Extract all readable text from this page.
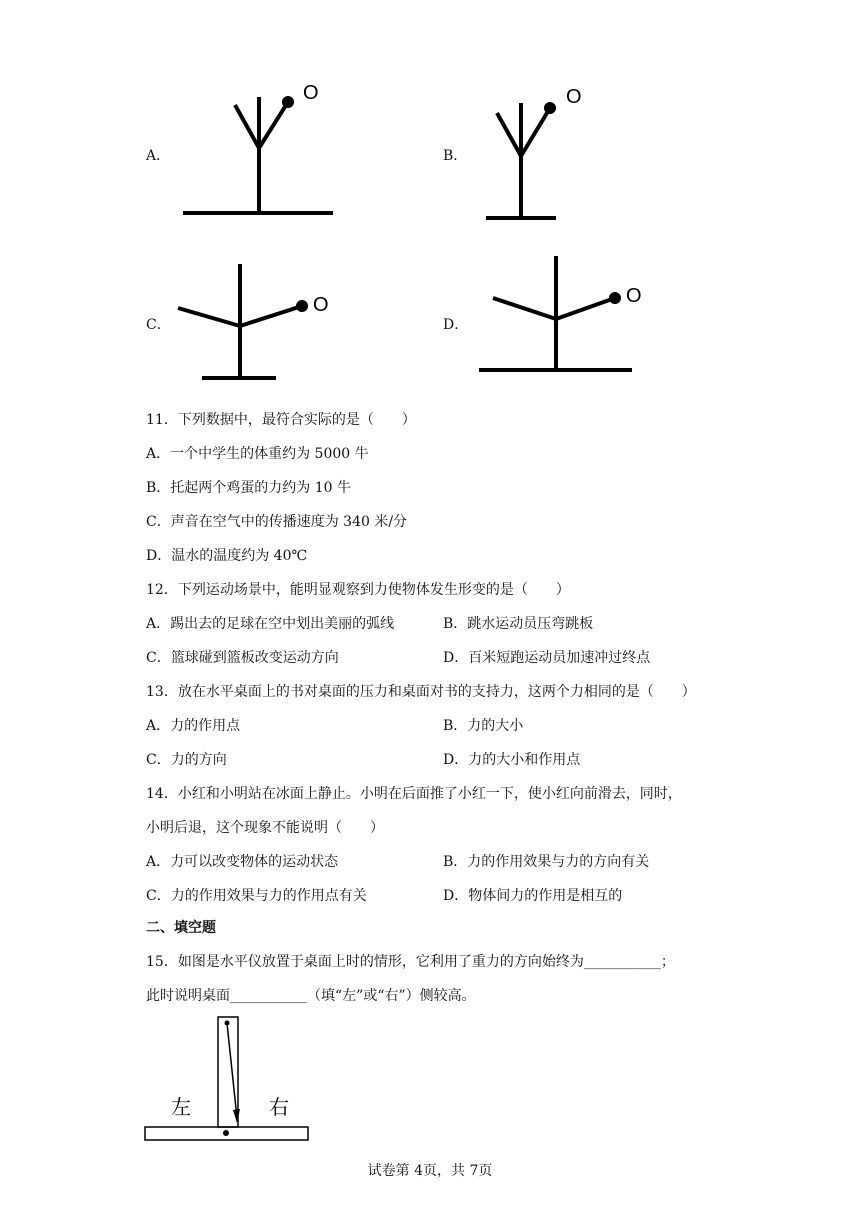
A．
O
B．
O
C．
O
D．
O
11．下列数据中，最符合实际的是（　　）
A．一个中学生的体重约为 5000 牛
B．托起两个鸡蛋的力约为 10 牛
C．声音在空气中的传播速度为 340 米/分
D．温水的温度约为 40℃
12．下列运动场景中，能明显观察到力使物体发生形变的是（　　）
A．踢出去的足球在空中划出美丽的弧线	B．跳水运动员压弯跳板
C．篮球碰到篮板改变运动方向	D．百米短跑运动员加速冲过终点
13．放在水平桌面上的书对桌面的压力和桌面对书的支持力，这两个力相同的是（　　）
A．力的作用点	B．力的大小
C．力的方向	D．力的大小和作用点
14．小红和小明站在冰面上静止。小明在后面推了小红一下，使小红向前滑去，同时，
小明后退，这个现象不能说明（　　）
A．力可以改变物体的运动状态	B．力的作用效果与力的方向有关
C．力的作用效果与力的作用点有关	D．物体间力的作用是相互的
二、填空题
15．如图是水平仪放置于桌面上时的情形，它利用了重力的方向始终为___________；
此时说明桌面___________（填“左”或“右”）侧较高。
左	右
试卷第 4页，共 7页
